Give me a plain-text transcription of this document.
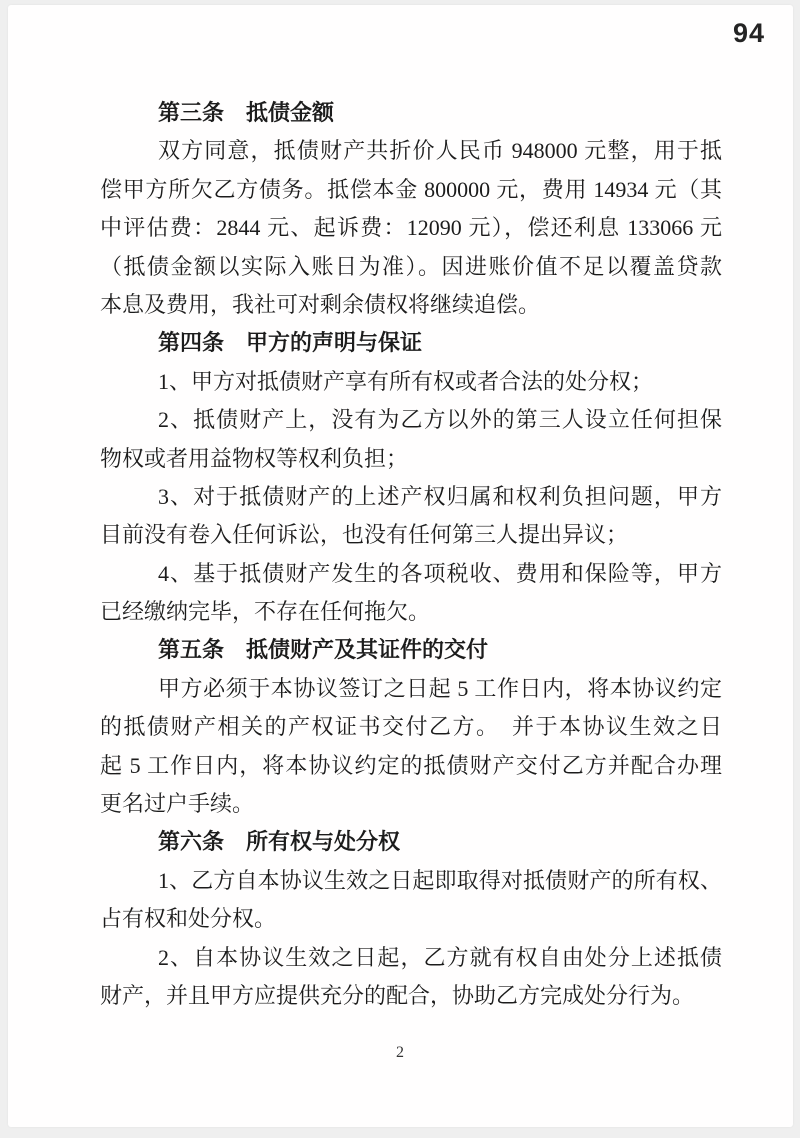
94
第三条　抵债金额
双方同意，抵债财产共折价人民币 948000 元整，用于抵
偿甲方所欠乙方债务。抵偿本金 800000 元，费用 14934 元（其
中评估费：2844 元、起诉费：12090 元），偿还利息 133066 元
（抵债金额以实际入账日为准）。因进账价值不足以覆盖贷款
本息及费用，我社可对剩余债权将继续追偿。
第四条　甲方的声明与保证
1、甲方对抵债财产享有所有权或者合法的处分权；
2、抵债财产上，没有为乙方以外的第三人设立任何担保
物权或者用益物权等权利负担；
3、对于抵债财产的上述产权归属和权利负担问题，甲方
目前没有卷入任何诉讼，也没有任何第三人提出异议；
4、基于抵债财产发生的各项税收、费用和保险等，甲方
已经缴纳完毕，不存在任何拖欠。
第五条　抵债财产及其证件的交付
甲方必须于本协议签订之日起 5 工作日内，将本协议约定
的抵债财产相关的产权证书交付乙方。　并于本协议生效之日
起 5 工作日内，将本协议约定的抵债财产交付乙方并配合办理
更名过户手续。
第六条　所有权与处分权
1、乙方自本协议生效之日起即取得对抵债财产的所有权、
占有权和处分权。
2、自本协议生效之日起，乙方就有权自由处分上述抵债
财产，并且甲方应提供充分的配合，协助乙方完成处分行为。
2
